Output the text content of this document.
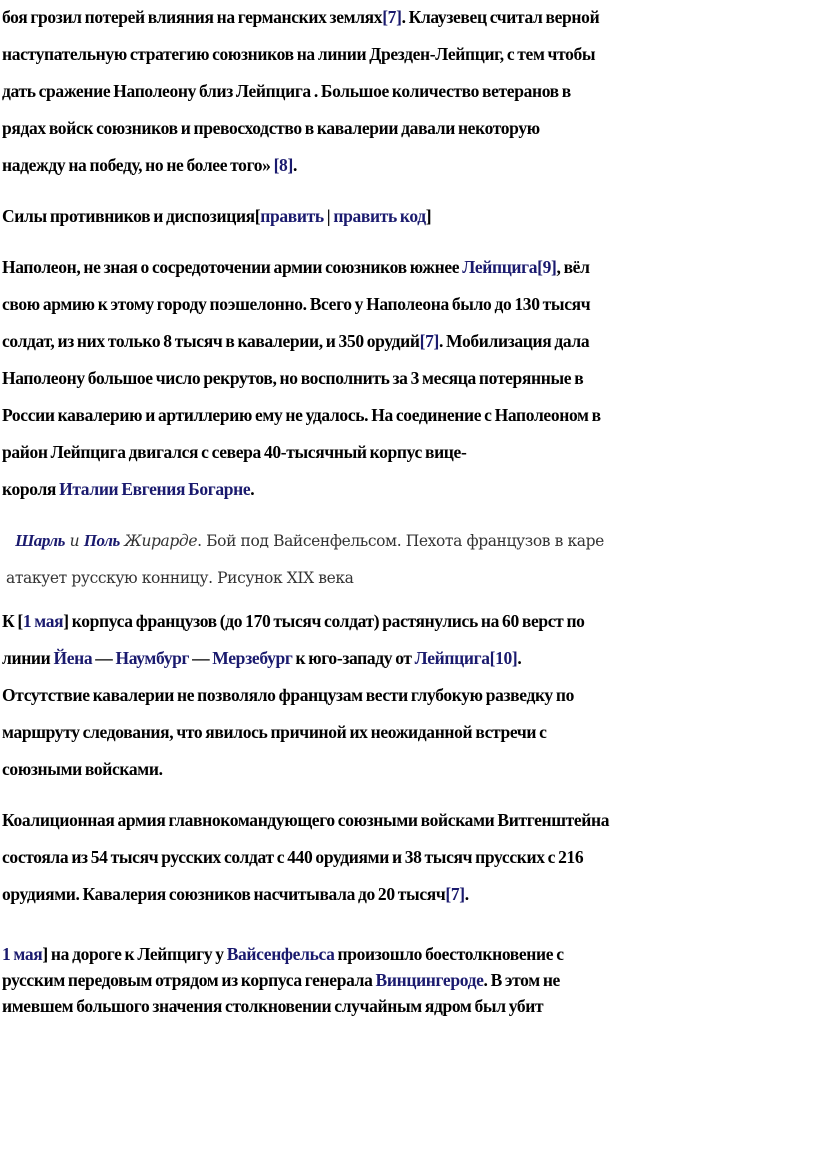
боя грозил потерей влияния на германских землях[7]. Клаузевец считал верной
наступательную стратегию союзников на линии Дрезден-Лейпциг, с тем чтобы
дать сражение Наполеону близ Лейпцига . Большое количество ветеранов в
рядах войск союзников и превосходство в кавалерии давали некоторую
надежду на победу, но не более того» [8].
Силы противников и диспозиция[править | править код]
Наполеон, не зная о сосредоточении армии союзников южнее Лейпцига[9], вёл
свою армию к этому городу поэшелонно. Всего у Наполеона было до 130 тысяч
солдат, из них только 8 тысяч в кавалерии, и 350 орудий[7]. Мобилизация дала
Наполеону большое число рекрутов, но восполнить за 3 месяца потерянные в
России кавалерию и артиллерию ему не удалось. На соединение с Наполеоном в
район Лейпцига двигался с севера 40-тысячный корпус вице-
короля Италии Евгения Богарне.
Шарль и Поль Жирарде. Бой под Вайсенфельсом. Пехота французов в каре
атакует русскую конницу. Рисунок XIX века
К [1 мая] корпуса французов (до 170 тысяч солдат) растянулись на 60 верст по
линии Йена — Наумбург — Мерзебург к юго-западу от Лейпцига[10].
Отсутствие кавалерии не позволяло французам вести глубокую разведку по
маршруту следования, что явилось причиной их неожиданной встречи с
союзными войсками.
Коалиционная армия главнокомандующего союзными войсками Витгенштейна
состояла из 54 тысяч русских солдат с 440 орудиями и 38 тысяч прусских с 216
орудиями. Кавалерия союзников насчитывала до 20 тысяч[7].
1 мая] на дороге к Лейпцигу у Вайсенфельса произошло боестолкновение с
русским передовым отрядом из корпуса генерала Винцингероде. В этом не
имевшем большого значения столкновении случайным ядром был убит
